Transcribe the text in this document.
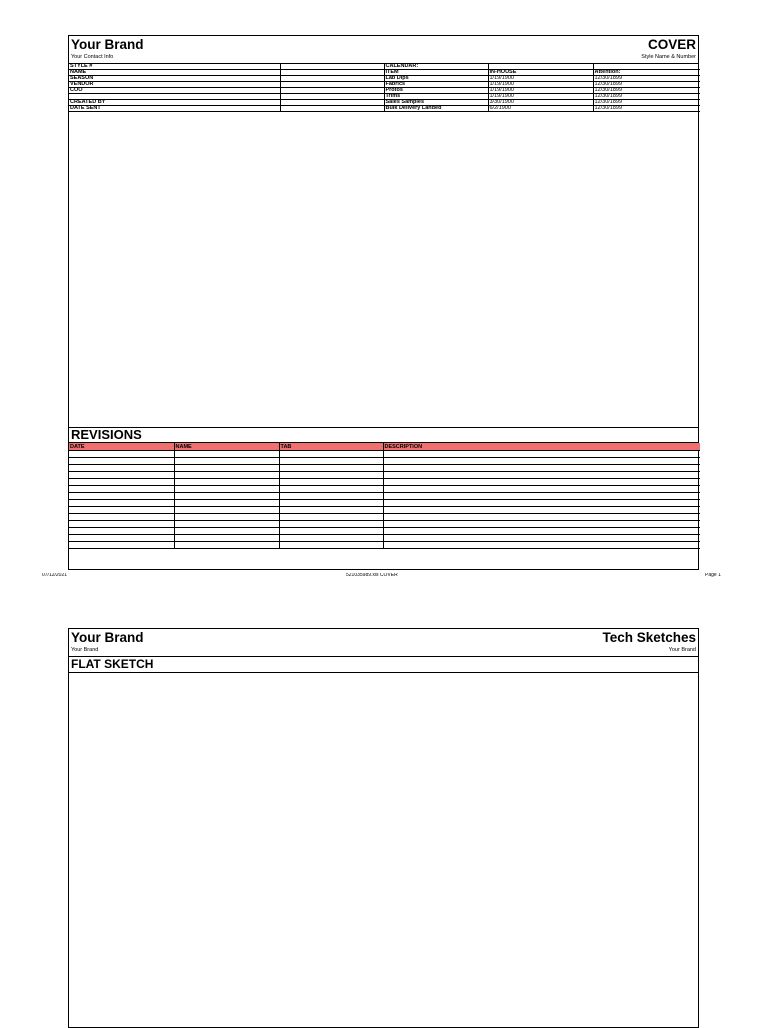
Your Brand	COVER
Your Contact Info	Style Name & Number
STYLE #		CALENDAR:		
NAME		ITEM	IN-HOUSE	Attention:
SEASON		Lab Dips	1/19/1900	12/30/1899
VENDOR		Fabrics	1/19/1900	12/30/1899
COO		Protos	1/19/1900	12/30/1899
		Trims	1/19/1900	12/30/1899
CREATED BY		Sales Samples	3/30/1900	12/30/1899
DATE SENT		Bulk Delivery Landed	6/2/1900	12/30/1899
REVISIONS
DATE	NAME	TAB	DESCRIPTION

07/12/2021	521035989.xls COVER	Page 1
Your Brand	Tech Sketches
Your Brand	Your Brand
FLAT SKETCH
